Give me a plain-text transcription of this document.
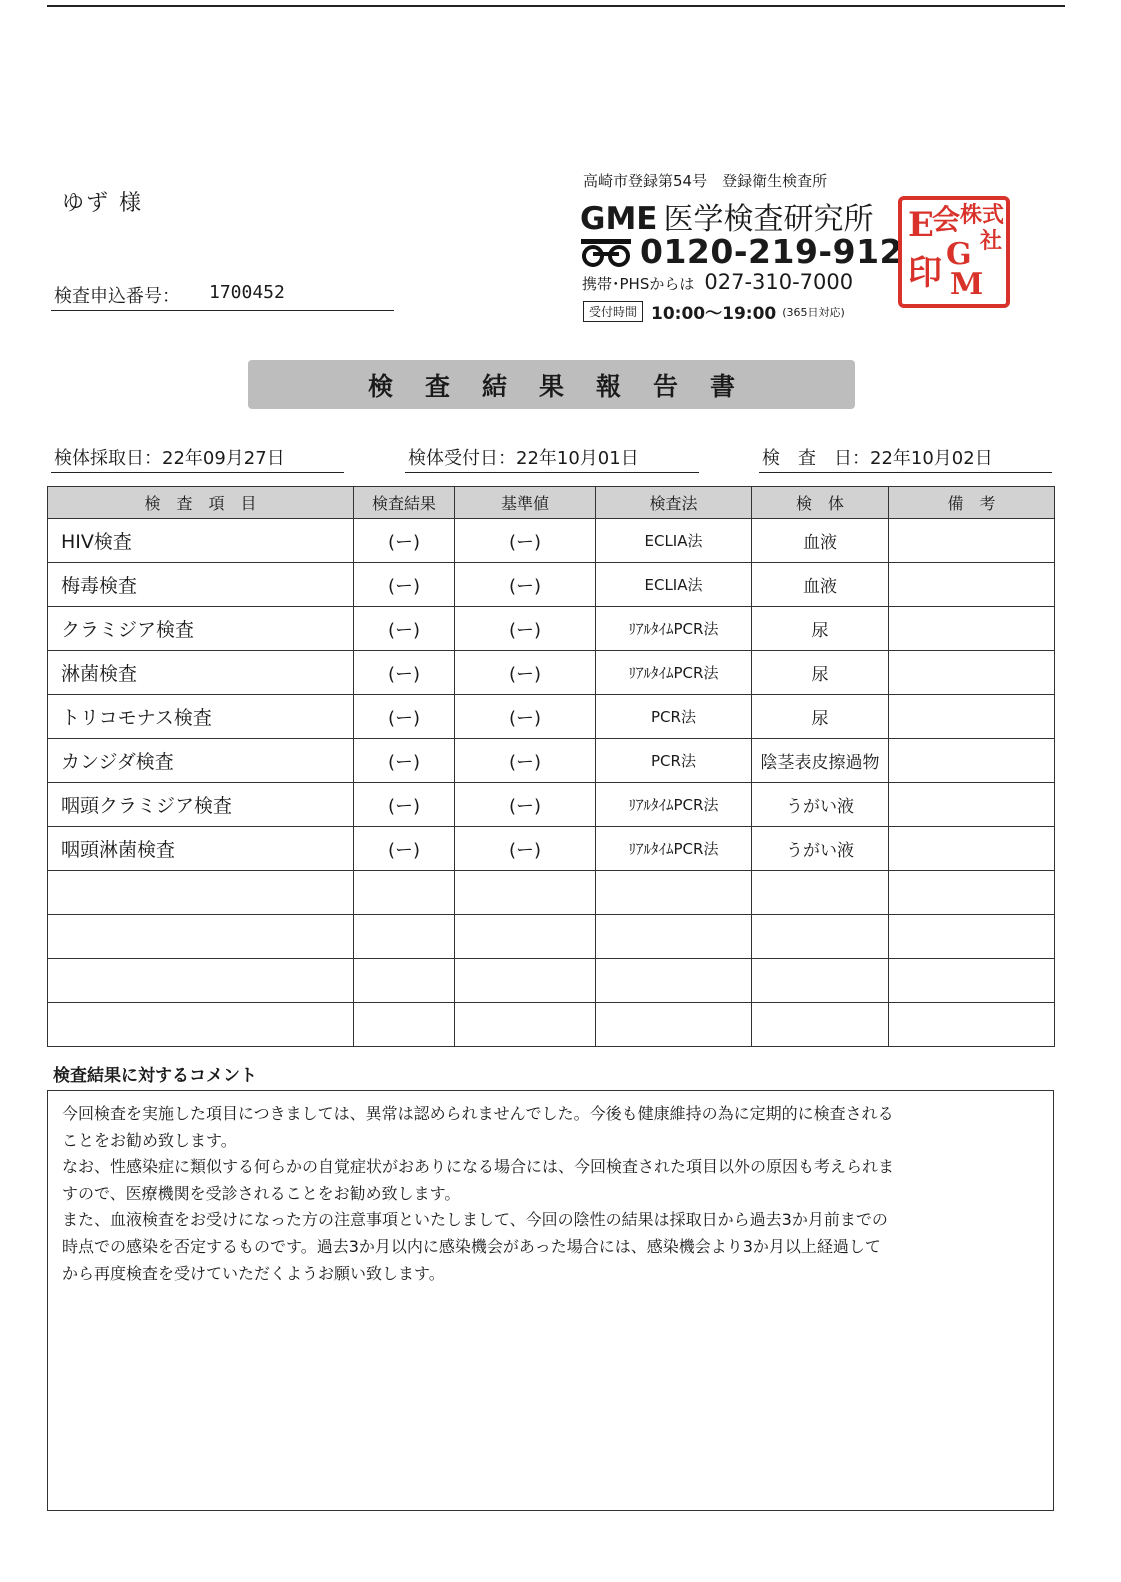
ゆず 様
検査申込番号： 1700452
高崎市登録第54号　登録衛生検査所
GME 医学検査研究所
0120-219-912
携帯･PHSからは 027-310-7000
受付時間 10:00～19:00 (365日対応)
株 式
会
社
G
M
E
印
検査結果報告書
検体採取日：22年09月27日	検体受付日：22年10月01日	検　査　日：22年10月02日
検　査　項　目	検査結果	基準値	検査法	検　体	備　考
HIV検査	(ー)	(ー)	ECLIA法	血液	
梅毒検査	(ー)	(ー)	ECLIA法	血液	
クラミジア検査	(ー)	(ー)	ﾘｱﾙﾀｲﾑPCR法	尿	
淋菌検査	(ー)	(ー)	ﾘｱﾙﾀｲﾑPCR法	尿	
トリコモナス検査	(ー)	(ー)	PCR法	尿	
カンジダ検査	(ー)	(ー)	PCR法	陰茎表皮擦過物	
咽頭クラミジア検査	(ー)	(ー)	ﾘｱﾙﾀｲﾑPCR法	うがい液	
咽頭淋菌検査	(ー)	(ー)	ﾘｱﾙﾀｲﾑPCR法	うがい液	

検査結果に対するコメント

今回検査を実施した項目につきましては、異常は認められませんでした。今後も健康維持の為に定期的に検査される

ことをお勧め致します。

なお、性感染症に類似する何らかの自覚症状がおありになる場合には、今回検査された項目以外の原因も考えられま

すので、医療機関を受診されることをお勧め致します。

また、血液検査をお受けになった方の注意事項といたしまして、今回の陰性の結果は採取日から過去3か月前までの

時点での感染を否定するものです。過去3か月以内に感染機会があった場合には、感染機会より3か月以上経過して

から再度検査を受けていただくようお願い致します。
